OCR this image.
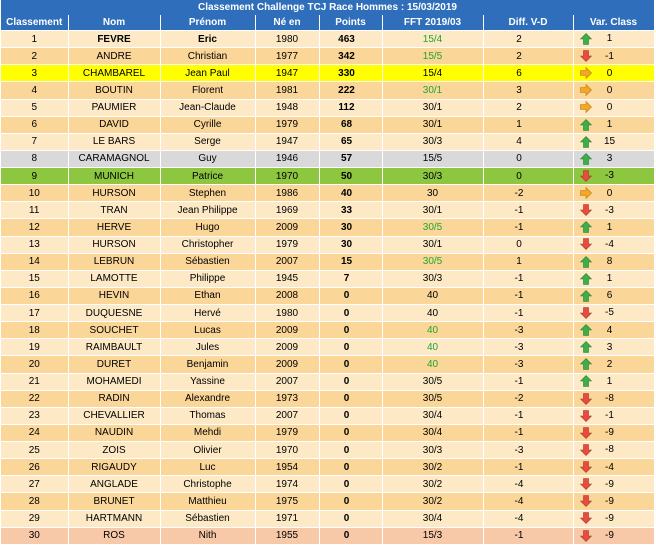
Classement Challenge TCJ Race Hommes : 15/03/2019
Classement	Nom	Prénom	Né en	Points	FFT 2019/03	Diff. V-D	Var. Class
1	FEVRE	Eric	1980	463	15/4	2	1
2	ANDRE	Christian	1977	342	15/5	2	-1
3	CHAMBAREL	Jean Paul	1947	330	15/4	6	0
4	BOUTIN	Florent	1981	222	30/1	3	0
5	PAUMIER	Jean-Claude	1948	112	30/1	2	0
6	DAVID	Cyrille	1979	68	30/1	1	1
7	LE BARS	Serge	1947	65	30/3	4	15
8	CARAMAGNOL	Guy	1946	57	15/5	0	3
9	MUNICH	Patrice	1970	50	30/3	0	-3
10	HURSON	Stephen	1986	40	30	-2	0
11	TRAN	Jean Philippe	1969	33	30/1	-1	-3
12	HERVE	Hugo	2009	30	30/5	-1	1
13	HURSON	Christopher	1979	30	30/1	0	-4
14	LEBRUN	Sébastien	2007	15	30/5	1	8
15	LAMOTTE	Philippe	1945	7	30/3	-1	1
16	HEVIN	Ethan	2008	0	40	-1	6
17	DUQUESNE	Hervé	1980	0	40	-1	-5
18	SOUCHET	Lucas	2009	0	40	-3	4
19	RAIMBAULT	Jules	2009	0	40	-3	3
20	DURET	Benjamin	2009	0	40	-3	2
21	MOHAMEDI	Yassine	2007	0	30/5	-1	1
22	RADIN	Alexandre	1973	0	30/5	-2	-8
23	CHEVALLIER	Thomas	2007	0	30/4	-1	-1
24	NAUDIN	Mehdi	1979	0	30/4	-1	-9
25	ZOIS	Olivier	1970	0	30/3	-3	-8
26	RIGAUDY	Luc	1954	0	30/2	-1	-4
27	ANGLADE	Christophe	1974	0	30/2	-4	-9
28	BRUNET	Matthieu	1975	0	30/2	-4	-9
29	HARTMANN	Sébastien	1971	0	30/4	-4	-9
30	ROS	Nith	1955	0	15/3	-1	-9
